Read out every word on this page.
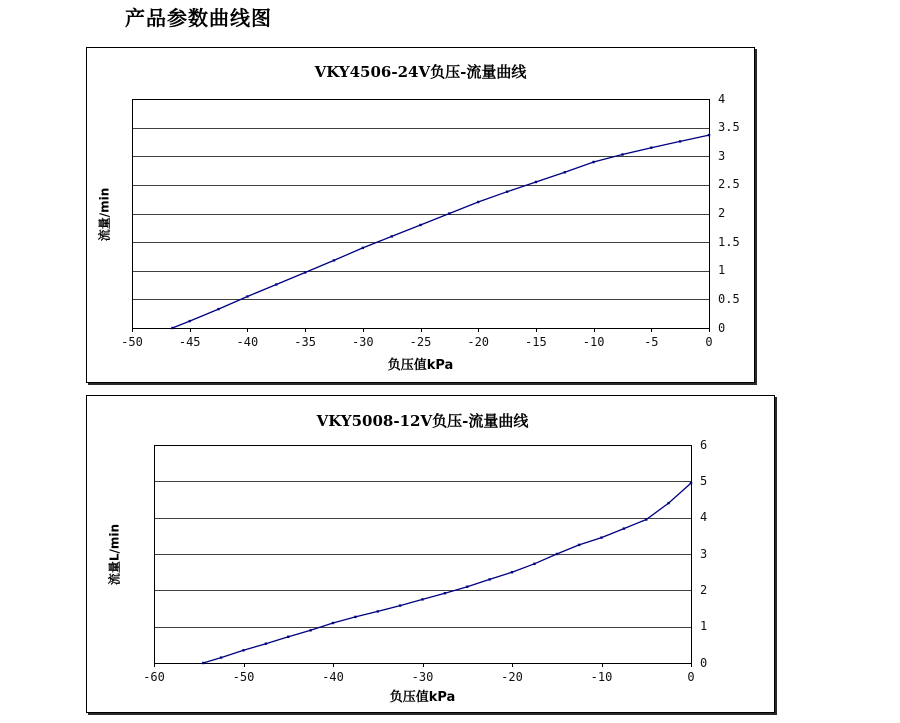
产品参数曲线图
VKY4506-24V负压-流量曲线
流量/min
负压值kPa
-50	-45	-40	-35	-30	-25	-20	-15	-10	-5	0
0
0.5
1
1.5
2
2.5
3
3.5
4
VKY5008-12V负压-流量曲线
流量L/min
负压值kPa
-60	-50	-40	-30	-20	-10	0
0
1
2
3
4
5
6
